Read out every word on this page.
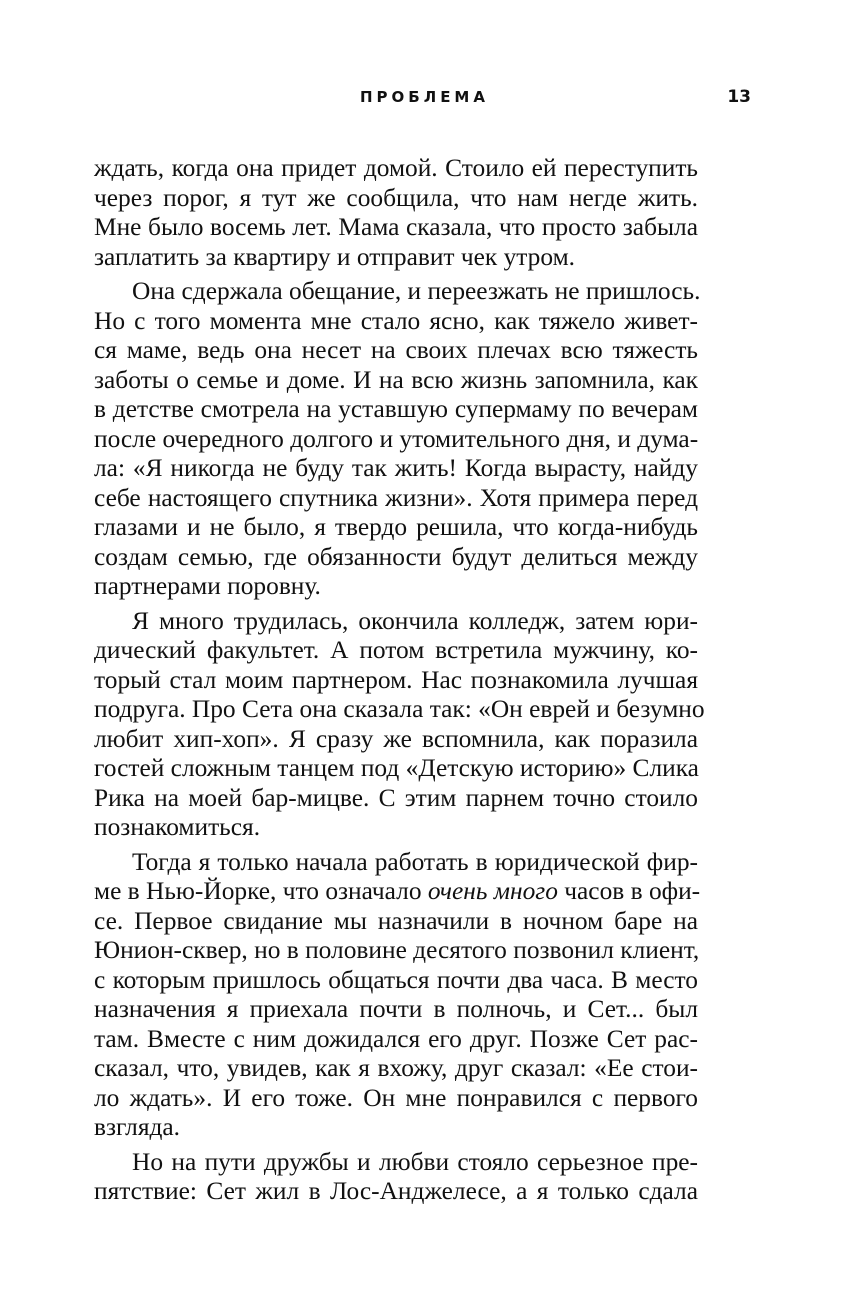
ПРОБЛЕМА	13
ждать, когда она придет домой. Стоило ей переступить
через порог, я тут же сообщила, что нам негде жить.
Мне было восемь лет. Мама сказала, что просто забыла
заплатить за квартиру и отправит чек утром.
Она сдержала обещание, и переезжать не пришлось.
Но с того момента мне стало ясно, как тяжело живет-
ся маме, ведь она несет на своих плечах всю тяжесть
заботы о семье и доме. И на всю жизнь запомнила, как
в детстве смотрела на уставшую супермаму по вечерам
после очередного долгого и утомительного дня, и дума-
ла: «Я никогда не буду так жить! Когда вырасту, найду
себе настоящего спутника жизни». Хотя примера перед
глазами и не было, я твердо решила, что когда-нибудь
создам семью, где обязанности будут делиться между
партнерами поровну.
Я много трудилась, окончила колледж, затем юри-
дический факультет. А потом встретила мужчину, ко-
торый стал моим партнером. Нас познакомила лучшая
подруга. Про Сета она сказала так: «Он еврей и безумно
любит хип-хоп». Я сразу же вспомнила, как поразила
гостей сложным танцем под «Детскую историю» Слика
Рика на моей бар-мицве. С этим парнем точно стоило
познакомиться.
Тогда я только начала работать в юридической фир-
ме в Нью-Йорке, что означало очень много часов в офи-
се. Первое свидание мы назначили в ночном баре на
Юнион-сквер, но в половине десятого позвонил клиент,
с которым пришлось общаться почти два часа. В место
назначения я приехала почти в полночь, и Сет... был
там. Вместе с ним дожидался его друг. Позже Сет рас-
сказал, что, увидев, как я вхожу, друг сказал: «Ее стои-
ло ждать». И его тоже. Он мне понравился с первого
взгляда.
Но на пути дружбы и любви стояло серьезное пре-
пятствие: Сет жил в Лос-Анджелесе, а я только сдала
